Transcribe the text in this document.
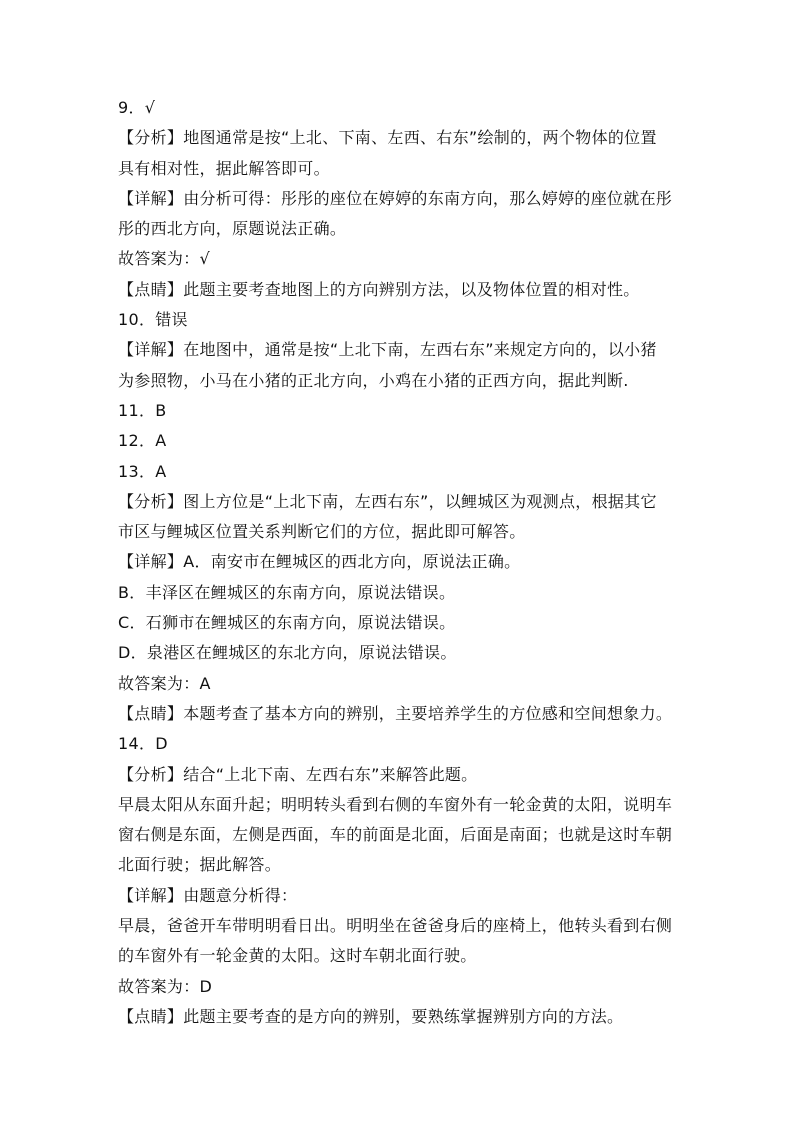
9．√
【分析】地图通常是按“上北、下南、左西、右东”绘制的，两个物体的位置
具有相对性，据此解答即可。
【详解】由分析可得：彤彤的座位在婷婷的东南方向，那么婷婷的座位就在彤
彤的西北方向，原题说法正确。
故答案为：√
【点睛】此题主要考查地图上的方向辨别方法，以及物体位置的相对性。
10．错误
【详解】在地图中，通常是按“上北下南，左西右东”来规定方向的，以小猪
为参照物，小马在小猪的正北方向，小鸡在小猪的正西方向，据此判断.
11．B
12．A
13．A
【分析】图上方位是“上北下南，左西右东”，以鲤城区为观测点，根据其它
市区与鲤城区位置关系判断它们的方位，据此即可解答。
【详解】A．南安市在鲤城区的西北方向，原说法正确。
B．丰泽区在鲤城区的东南方向，原说法错误。
C．石狮市在鲤城区的东南方向，原说法错误。
D．泉港区在鲤城区的东北方向，原说法错误。
故答案为：A
【点睛】本题考查了基本方向的辨别，主要培养学生的方位感和空间想象力。
14．D
【分析】结合“上北下南、左西右东”来解答此题。
早晨太阳从东面升起；明明转头看到右侧的车窗外有一轮金黄的太阳，说明车
窗右侧是东面，左侧是西面，车的前面是北面，后面是南面；也就是这时车朝
北面行驶；据此解答。
【详解】由题意分析得：
早晨，爸爸开车带明明看日出。明明坐在爸爸身后的座椅上，他转头看到右侧
的车窗外有一轮金黄的太阳。这时车朝北面行驶。
故答案为：D
【点睛】此题主要考查的是方向的辨别，要熟练掌握辨别方向的方法。
